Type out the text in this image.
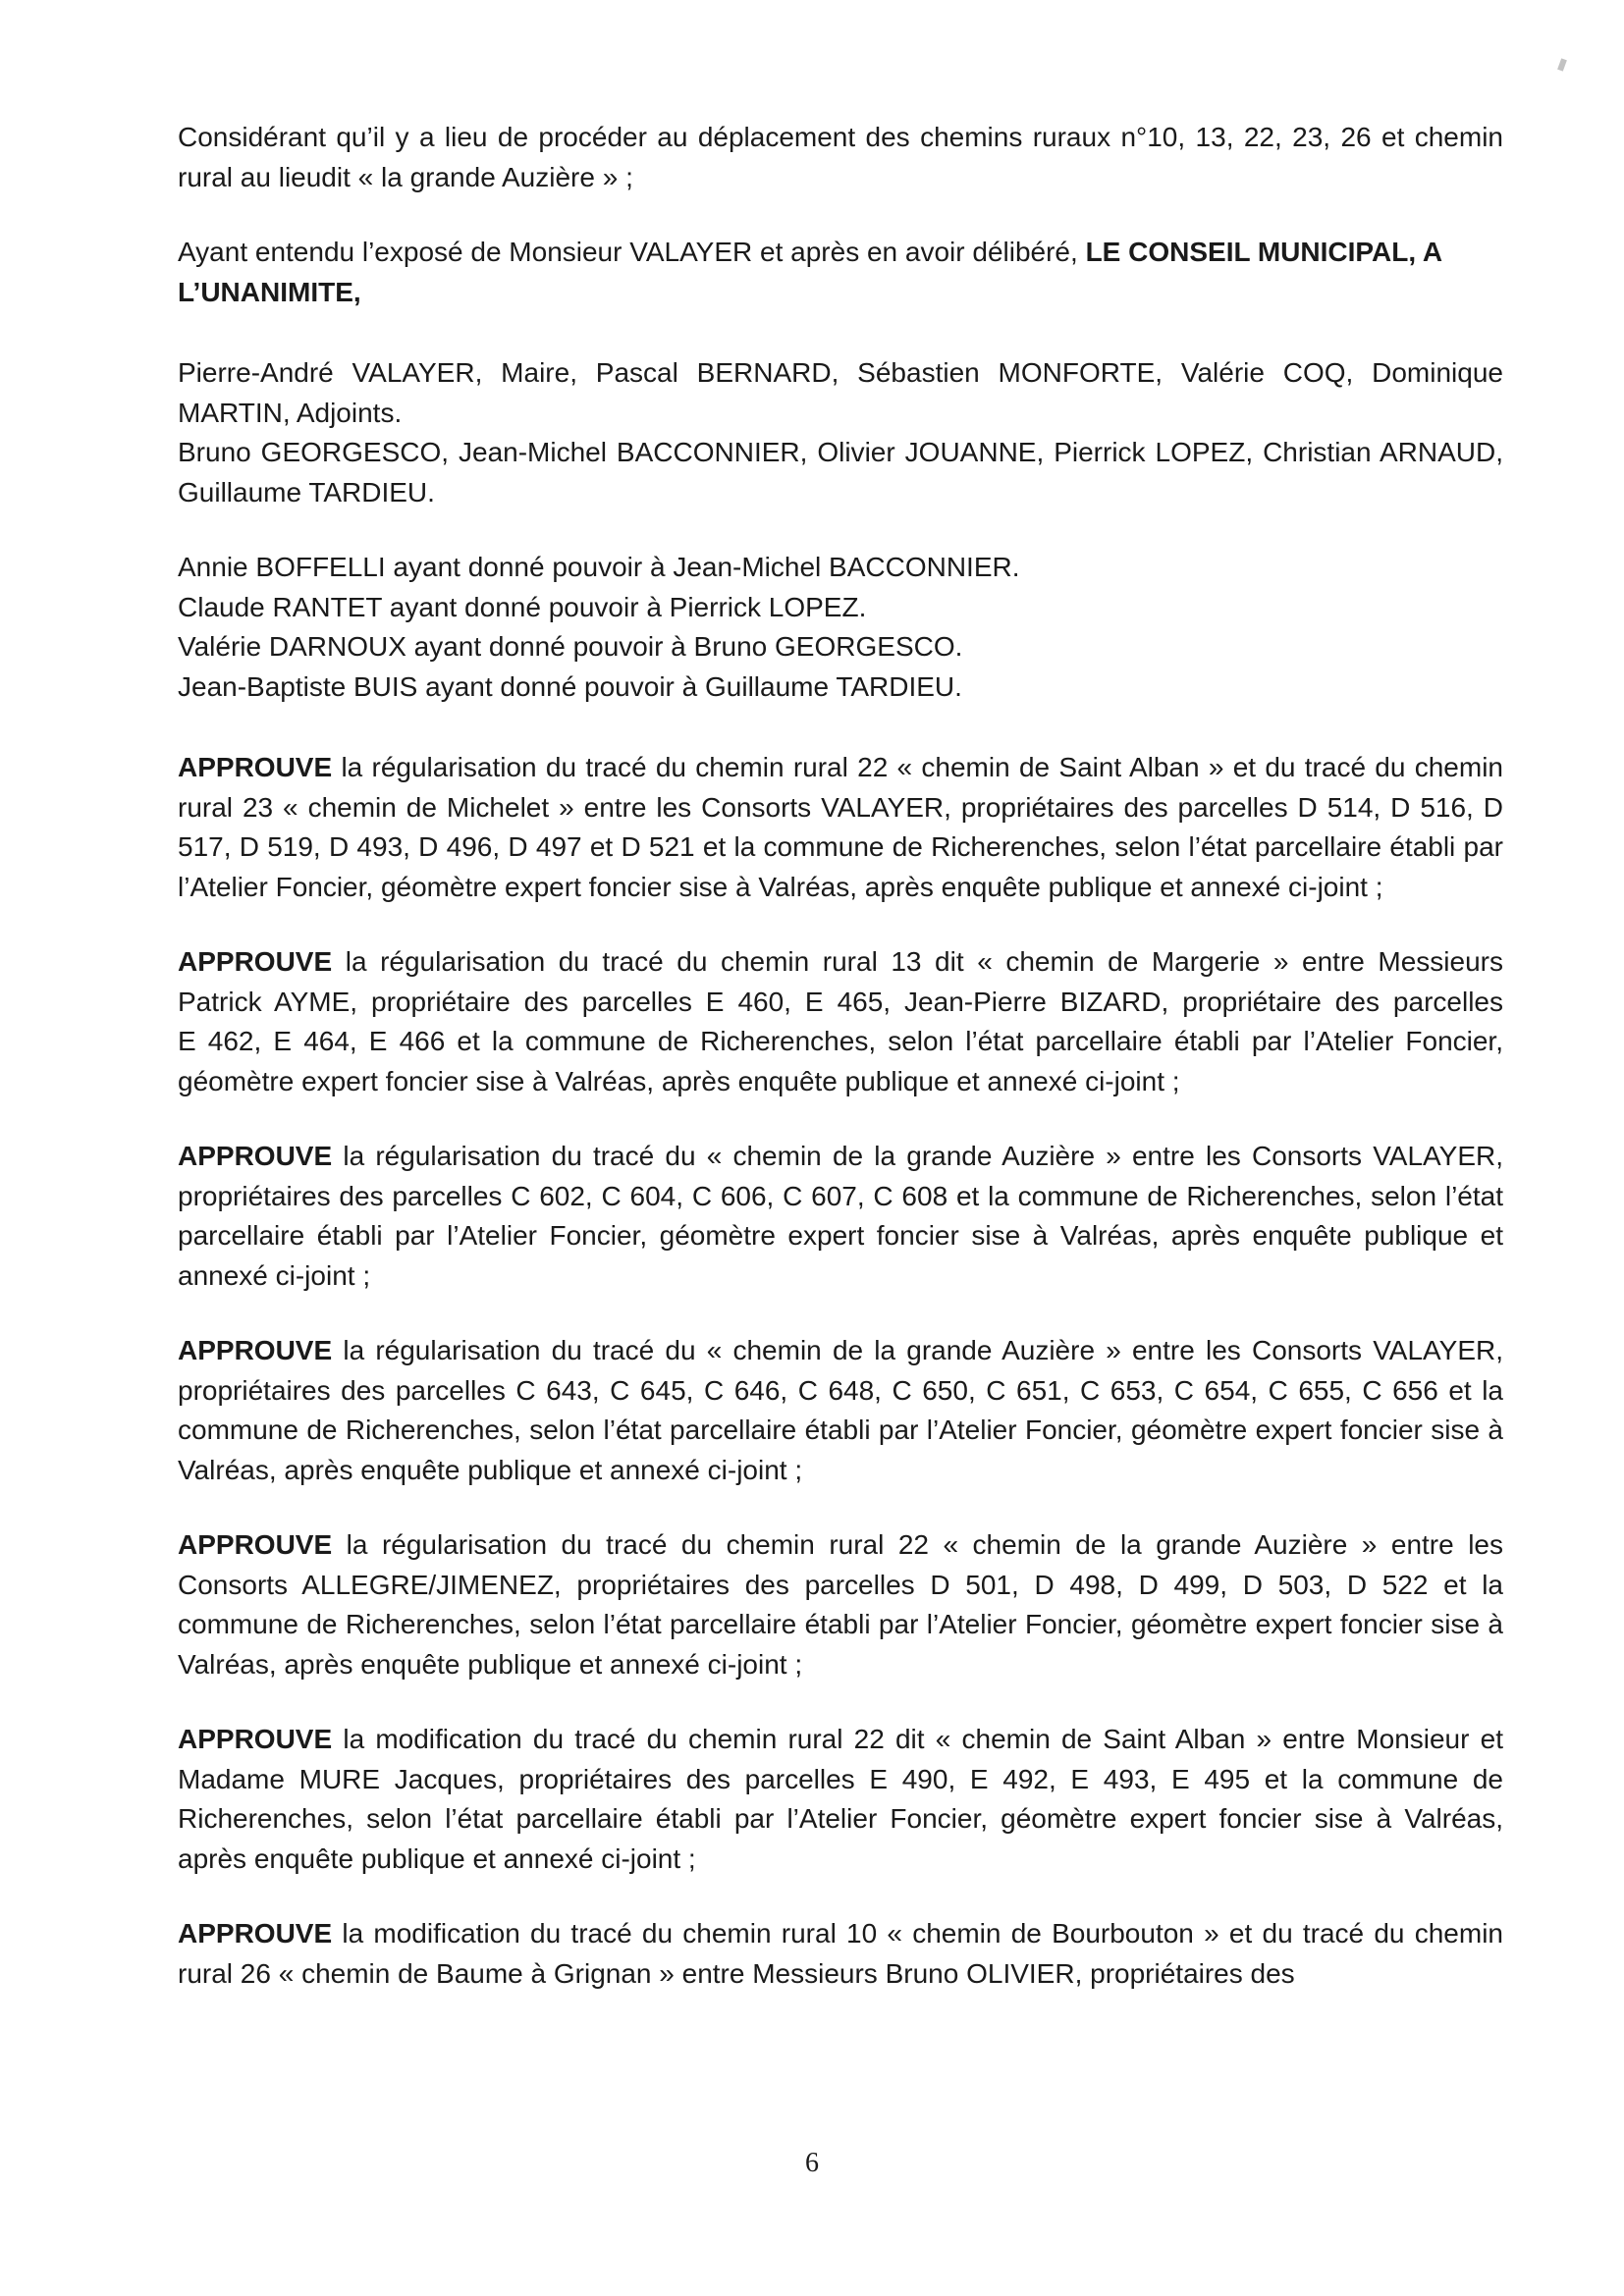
Considérant qu’il y a lieu de procéder au déplacement des chemins ruraux n°10, 13, 22, 23, 26 et chemin rural au lieudit « la grande Auzière » ;

Ayant entendu l’exposé de Monsieur VALAYER et après en avoir délibéré, LE CONSEIL MUNICIPAL, A L’UNANIMITE,

Pierre-André VALAYER, Maire, Pascal BERNARD, Sébastien MONFORTE, Valérie COQ, Dominique MARTIN, Adjoints.

Bruno GEORGESCO, Jean-Michel BACCONNIER, Olivier JOUANNE, Pierrick LOPEZ, Christian ARNAUD, Guillaume TARDIEU.

Annie BOFFELLI ayant donné pouvoir à Jean-Michel BACCONNIER.

Claude RANTET ayant donné pouvoir à Pierrick LOPEZ.

Valérie DARNOUX ayant donné pouvoir à Bruno GEORGESCO.

Jean-Baptiste BUIS ayant donné pouvoir à Guillaume TARDIEU.

APPROUVE la régularisation du tracé du chemin rural 22 « chemin de Saint Alban » et du tracé du chemin rural 23 « chemin de Michelet » entre les Consorts VALAYER, propriétaires des parcelles D 514, D 516, D 517, D 519, D 493, D 496, D 497 et D 521 et la commune de Richerenches, selon l’état parcellaire établi par l’Atelier Foncier, géomètre expert foncier sise à Valréas, après enquête publique et annexé ci-joint ;

APPROUVE la régularisation du tracé du chemin rural 13 dit « chemin de Margerie » entre Messieurs Patrick AYME, propriétaire des parcelles E 460, E 465, Jean-Pierre BIZARD, propriétaire des parcelles              E 462, E 464, E 466 et la commune de Richerenches, selon l’état parcellaire établi par l’Atelier Foncier, géomètre expert foncier sise à Valréas, après enquête publique et annexé ci-joint ;

APPROUVE la régularisation du tracé du « chemin de la grande Auzière » entre les Consorts VALAYER, propriétaires des parcelles C 602, C 604, C 606, C 607, C 608 et la commune de Richerenches, selon l’état parcellaire établi par l’Atelier Foncier, géomètre expert foncier sise à Valréas, après enquête publique et annexé ci-joint ;

APPROUVE la régularisation du tracé du « chemin de la grande Auzière » entre les Consorts VALAYER, propriétaires des parcelles C 643, C 645, C 646, C 648, C 650, C 651, C 653, C 654, C 655, C 656 et la commune de Richerenches, selon l’état parcellaire établi par l’Atelier Foncier, géomètre expert foncier sise à Valréas, après enquête publique et annexé ci-joint ;

APPROUVE la régularisation du tracé du chemin rural 22 « chemin de la grande Auzière » entre les Consorts ALLEGRE/JIMENEZ, propriétaires des parcelles D 501, D 498, D 499, D 503, D 522 et la commune de Richerenches, selon l’état parcellaire établi par l’Atelier Foncier, géomètre expert foncier sise à Valréas, après enquête publique et annexé ci-joint ;

APPROUVE la modification du tracé du chemin rural 22 dit « chemin de Saint Alban » entre Monsieur et Madame MURE Jacques, propriétaires des parcelles E 490, E 492, E 493, E 495 et la commune de Richerenches, selon l’état parcellaire établi par l’Atelier Foncier, géomètre expert foncier sise à Valréas, après enquête publique et annexé ci-joint ;

APPROUVE la modification du tracé du chemin rural 10 « chemin de Bourbouton » et du tracé du chemin rural 26 « chemin de Baume à Grignan » entre Messieurs Bruno OLIVIER, propriétaires des

6
